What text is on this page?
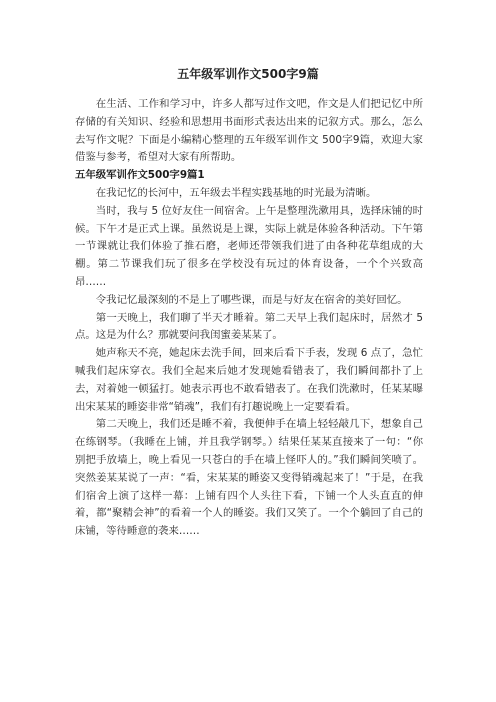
五年级军训作文500字9篇

在生活、工作和学习中，许多人都写过作文吧，作文是人们把记忆中所存储的有关知识、经验和思想用书面形式表达出来的记叙方式。那么，怎么去写作文呢？下面是小编精心整理的五年级军训作文 500字9篇，欢迎大家借鉴与参考，希望对大家有所帮助。

五年级军训作文500字9篇1

在我记忆的长河中，五年级去半程实践基地的时光最为清晰。

当时，我与 5 位好友住一间宿舍。上午是整理洗漱用具，选择床铺的时候。下午才是正式上课。虽然说是上课，实际上就是体验各种活动。下午第一节课就让我们体验了推石磨，老师还带领我们进了由各种花草组成的大棚。第二节课我们玩了很多在学校没有玩过的体育设备，一个个兴致高昂……

令我记忆最深刻的不是上了哪些课，而是与好友在宿舍的美好回忆。

第一天晚上，我们聊了半天才睡着。第二天早上我们起床时，居然才 5 点。这是为什么？那就要问我闺蜜姜某某了。

她声称天不亮，她起床去洗手间，回来后看下手表，发现 6 点了，急忙喊我们起床穿衣。我们全起来后她才发现她看错表了，我们瞬间都扑了上去，对着她一顿猛打。她表示再也不敢看错表了。在我们洗漱时，任某某曝出宋某某的睡姿非常“销魂”，我们有打趣说晚上一定要看看。

第二天晚上，我们还是睡不着，我便伸手在墙上轻轻敲几下，想象自己在练钢琴。（我睡在上铺，并且我学钢琴。）结果任某某直接来了一句：“你别把手放墙上，晚上看见一只苍白的手在墙上怪吓人的。”我们瞬间笑喷了。突然姜某某说了一声：“看，宋某某的睡姿又变得销魂起来了！”于是，在我们宿舍上演了这样一幕：上铺有四个人头往下看，下铺一个人头直直的伸着，都“聚精会神”的看着一个人的睡姿。我们又笑了。一个个躺回了自己的床铺，等待睡意的袭来……
